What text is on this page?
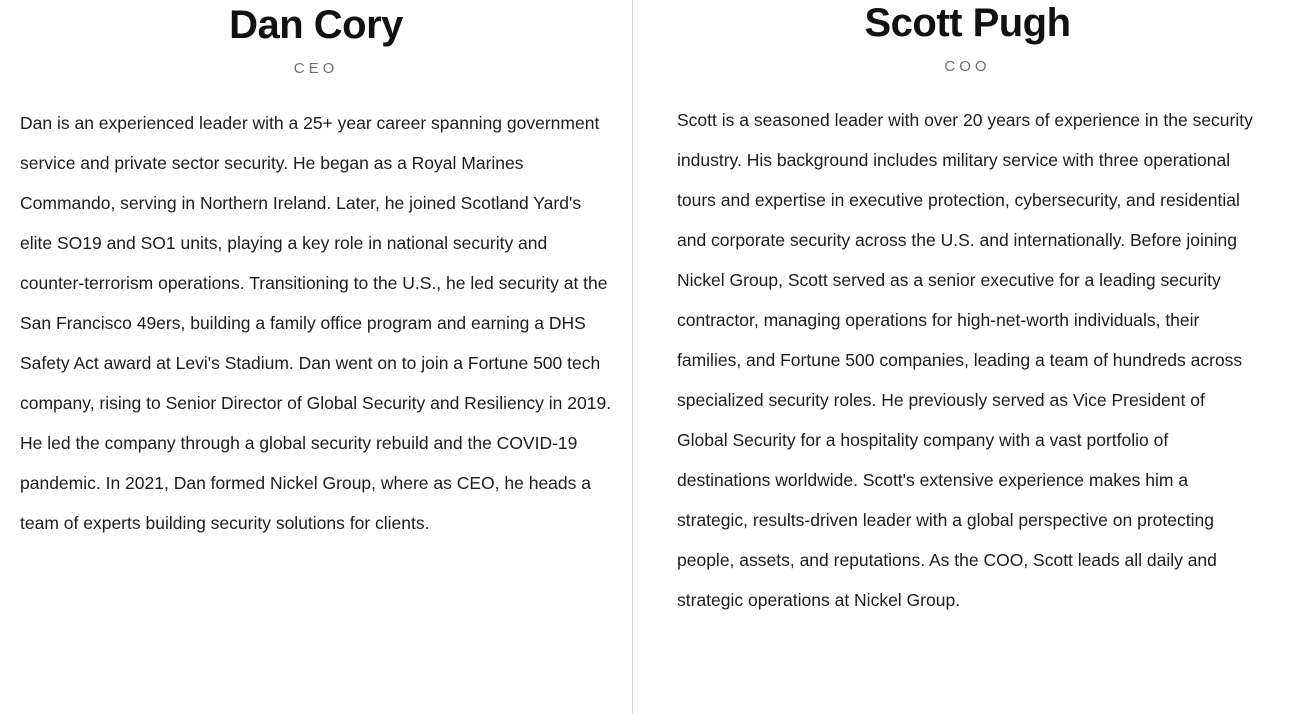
Dan Cory
CEO

Dan is an experienced leader with a 25+ year career spanning government service and private sector security. He began as a Royal Marines Commando, serving in Northern Ireland. Later, he joined Scotland Yard's elite SO19 and SO1 units, playing a key role in national security and counter-terrorism operations. Transitioning to the U.S., he led security at the San Francisco 49ers, building a family office program and earning a DHS Safety Act award at Levi's Stadium. Dan went on to join a Fortune 500 tech company, rising to Senior Director of Global Security and Resiliency in 2019. He led the company through a global security rebuild and the COVID-19 pandemic. In 2021, Dan formed Nickel Group, where as CEO, he heads a team of experts building security solutions for clients.

Scott Pugh
COO

Scott is a seasoned leader with over 20 years of experience in the security industry. His background includes military service with three operational tours and expertise in executive protection, cybersecurity, and residential and corporate security across the U.S. and internationally. Before joining Nickel Group, Scott served as a senior executive for a leading security contractor, managing operations for high-net-worth individuals, their families, and Fortune 500 companies, leading a team of hundreds across specialized security roles. He previously served as Vice President of Global Security for a hospitality company with a vast portfolio of destinations worldwide. Scott's extensive experience makes him a strategic, results-driven leader with a global perspective on protecting people, assets, and reputations. As the COO, Scott leads all daily and strategic operations at Nickel Group.
